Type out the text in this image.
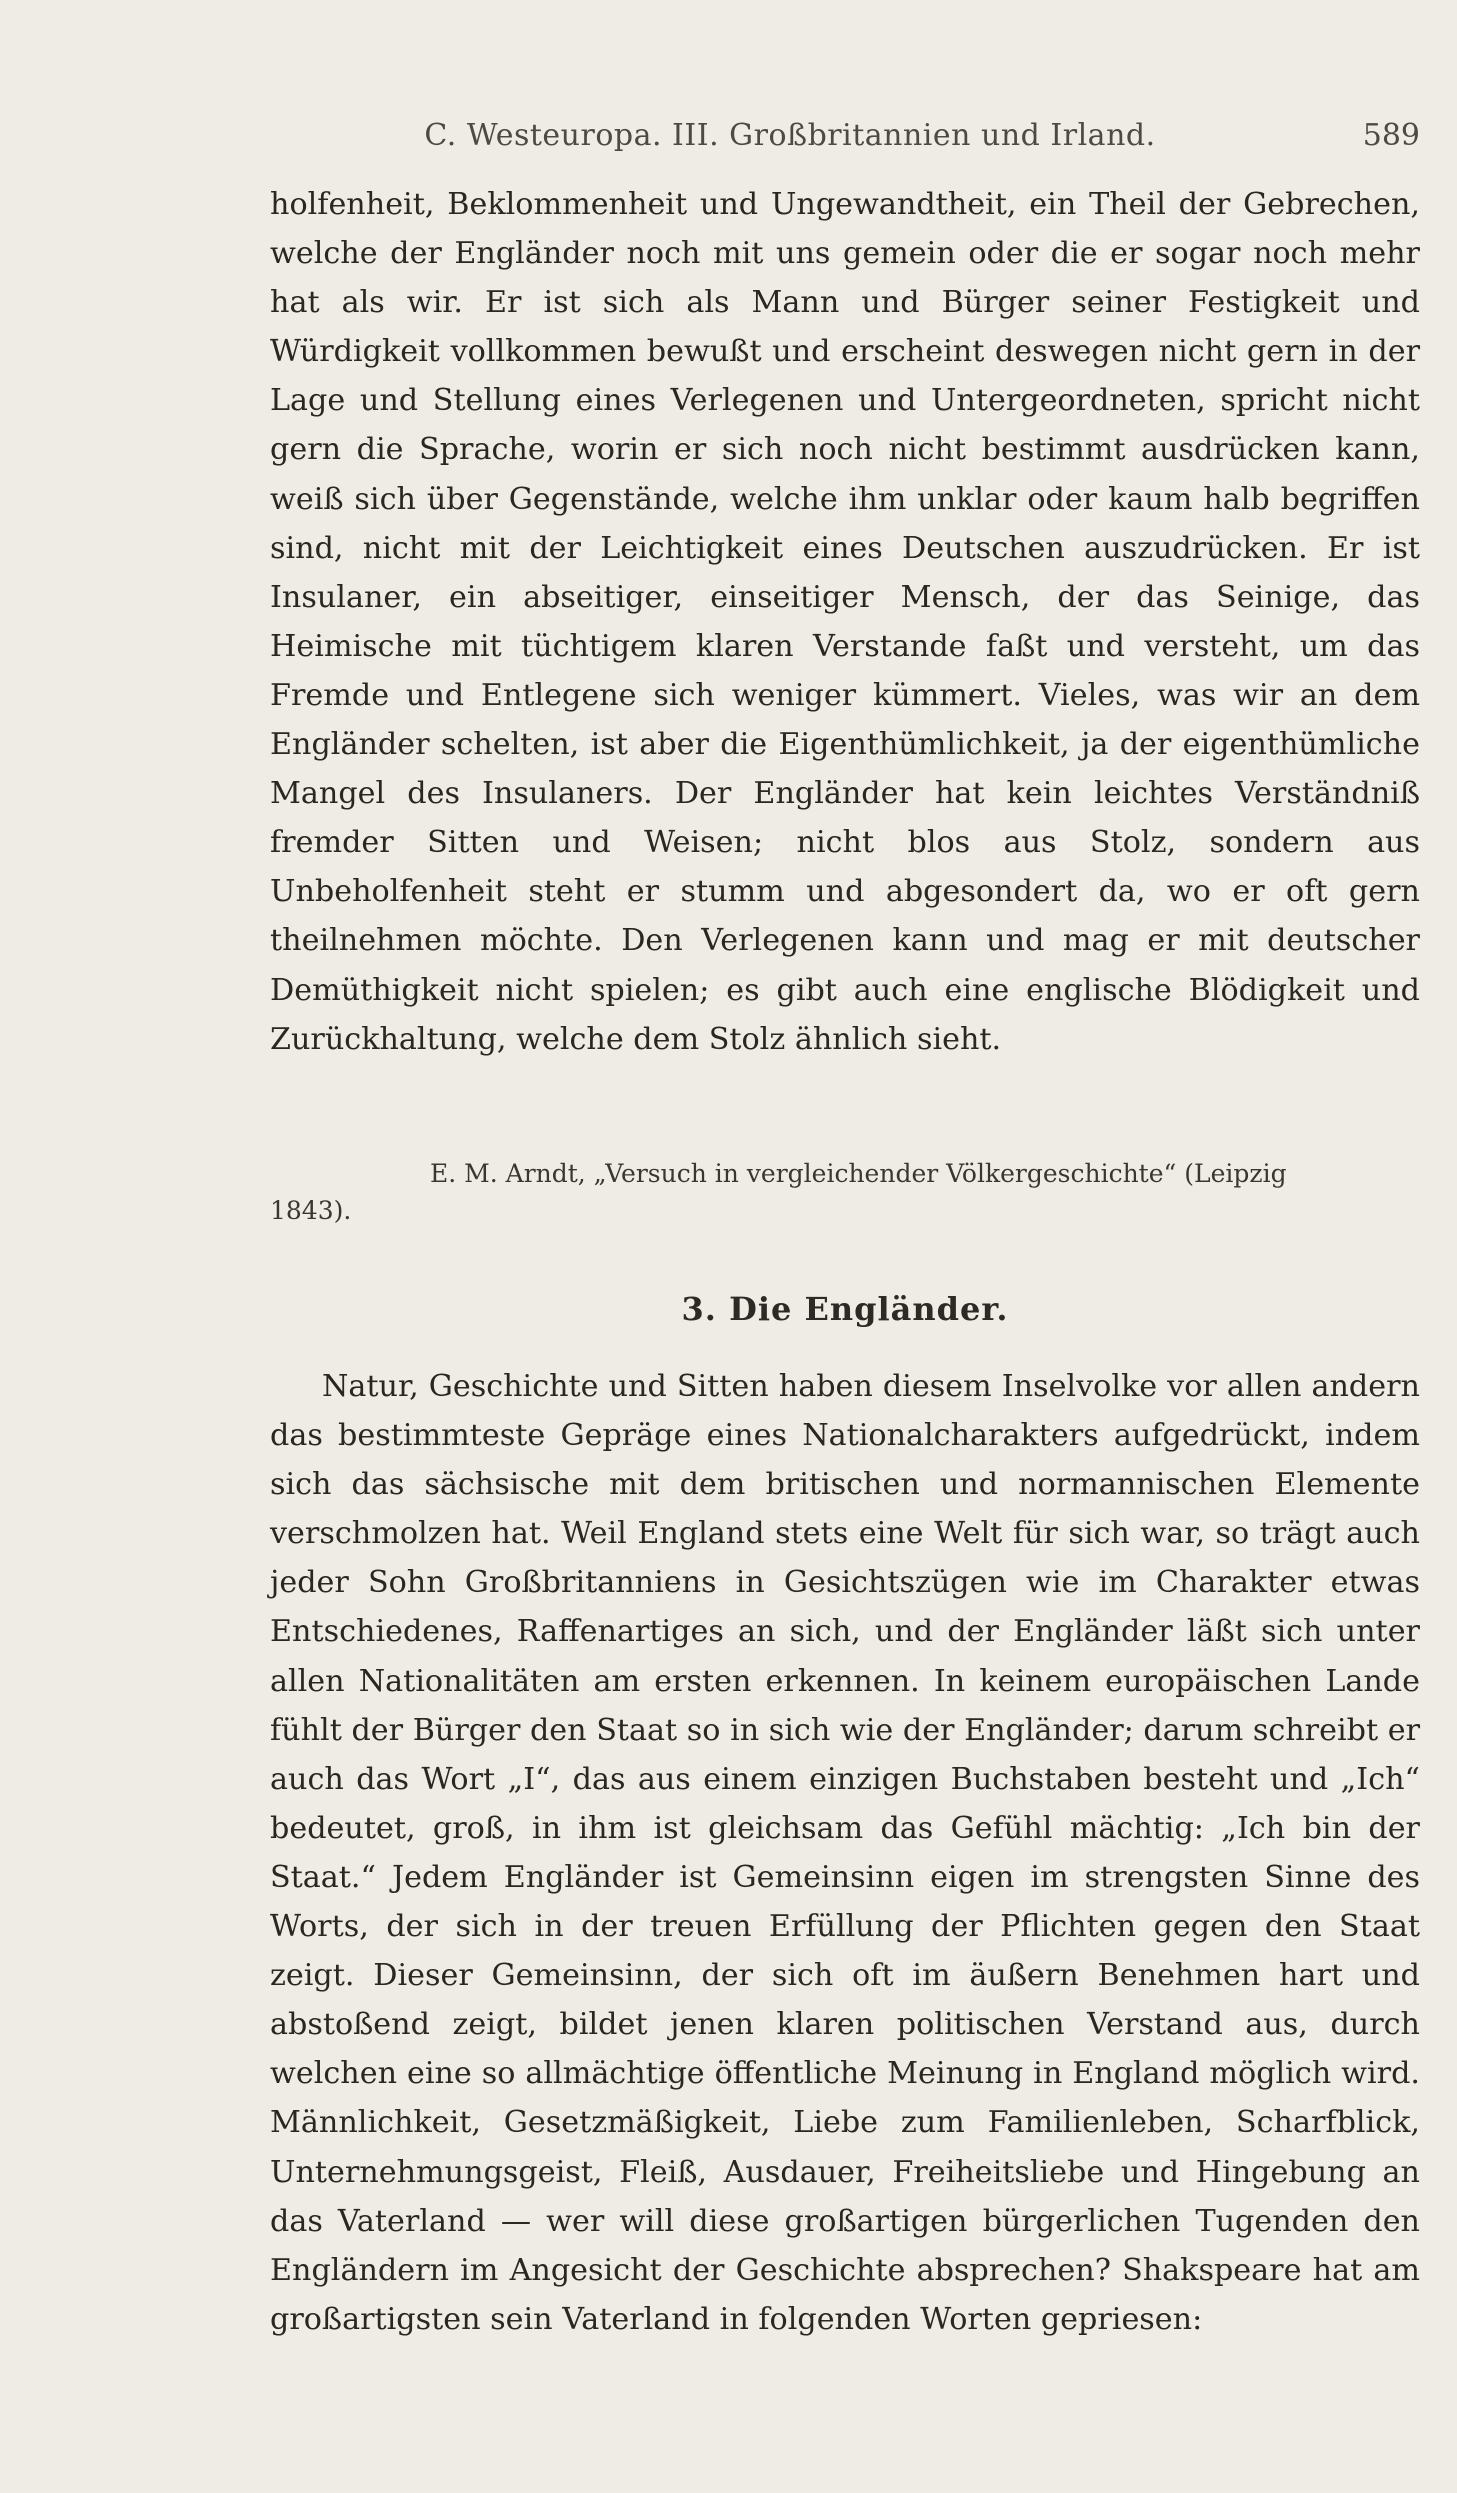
C. Westeuropa. III. Großbritannien und Irland.	589

holfenheit, Beklommenheit und Ungewandtheit, ein Theil der Gebrechen, welche der Engländer noch mit uns gemein oder die er sogar noch mehr hat als wir. Er ist sich als Mann und Bürger seiner Festigkeit und Würdigkeit vollkommen bewußt und erscheint deswegen nicht gern in der Lage und Stellung eines Verlegenen und Untergeordneten, spricht nicht gern die Sprache, worin er sich noch nicht bestimmt ausdrücken kann, weiß sich über Gegenstände, welche ihm unklar oder kaum halb begriffen sind, nicht mit der Leichtigkeit eines Deutschen auszudrücken. Er ist Insulaner, ein abseitiger, einseitiger Mensch, der das Seinige, das Heimische mit tüchtigem klaren Verstande faßt und versteht, um das Fremde und Entlegene sich weniger kümmert. Vieles, was wir an dem Engländer schelten, ist aber die Eigenthümlichkeit, ja der eigenthümliche Mangel des Insulaners. Der Engländer hat kein leichtes Verständniß fremder Sitten und Weisen; nicht blos aus Stolz, sondern aus Unbeholfenheit steht er stumm und abgesondert da, wo er oft gern theilnehmen möchte. Den Verlegenen kann und mag er mit deutscher Demüthigkeit nicht spielen; es gibt auch eine englische Blödigkeit und Zurückhaltung, welche dem Stolz ähnlich sieht.

E. M. Arndt, „Versuch in vergleichender Völkergeschichte“ (Leipzig
1843).
3. Die Engländer.

Natur, Geschichte und Sitten haben diesem Inselvolke vor allen andern das bestimmteste Gepräge eines Nationalcharakters aufgedrückt, indem sich das sächsische mit dem britischen und normannischen Elemente verschmolzen hat. Weil England stets eine Welt für sich war, so trägt auch jeder Sohn Großbritanniens in Gesichtszügen wie im Charakter etwas Entschiedenes, Raffenartiges an sich, und der Engländer läßt sich unter allen Nationalitäten am ersten erkennen. In keinem europäischen Lande fühlt der Bürger den Staat so in sich wie der Engländer; darum schreibt er auch das Wort „I“, das aus einem einzigen Buchstaben besteht und „Ich“ bedeutet, groß, in ihm ist gleichsam das Gefühl mächtig: „Ich bin der Staat.“ Jedem Engländer ist Gemeinsinn eigen im strengsten Sinne des Worts, der sich in der treuen Erfüllung der Pflichten gegen den Staat zeigt. Dieser Gemeinsinn, der sich oft im äußern Benehmen hart und abstoßend zeigt, bildet jenen klaren politischen Verstand aus, durch welchen eine so allmächtige öffentliche Meinung in England möglich wird. Männlichkeit, Gesetzmäßigkeit, Liebe zum Familienleben, Scharfblick, Unternehmungsgeist, Fleiß, Ausdauer, Freiheitsliebe und Hingebung an das Vaterland — wer will diese großartigen bürgerlichen Tugenden den Engländern im Angesicht der Geschichte absprechen? Shakspeare hat am großartigsten sein Vaterland in folgenden Worten gepriesen:
